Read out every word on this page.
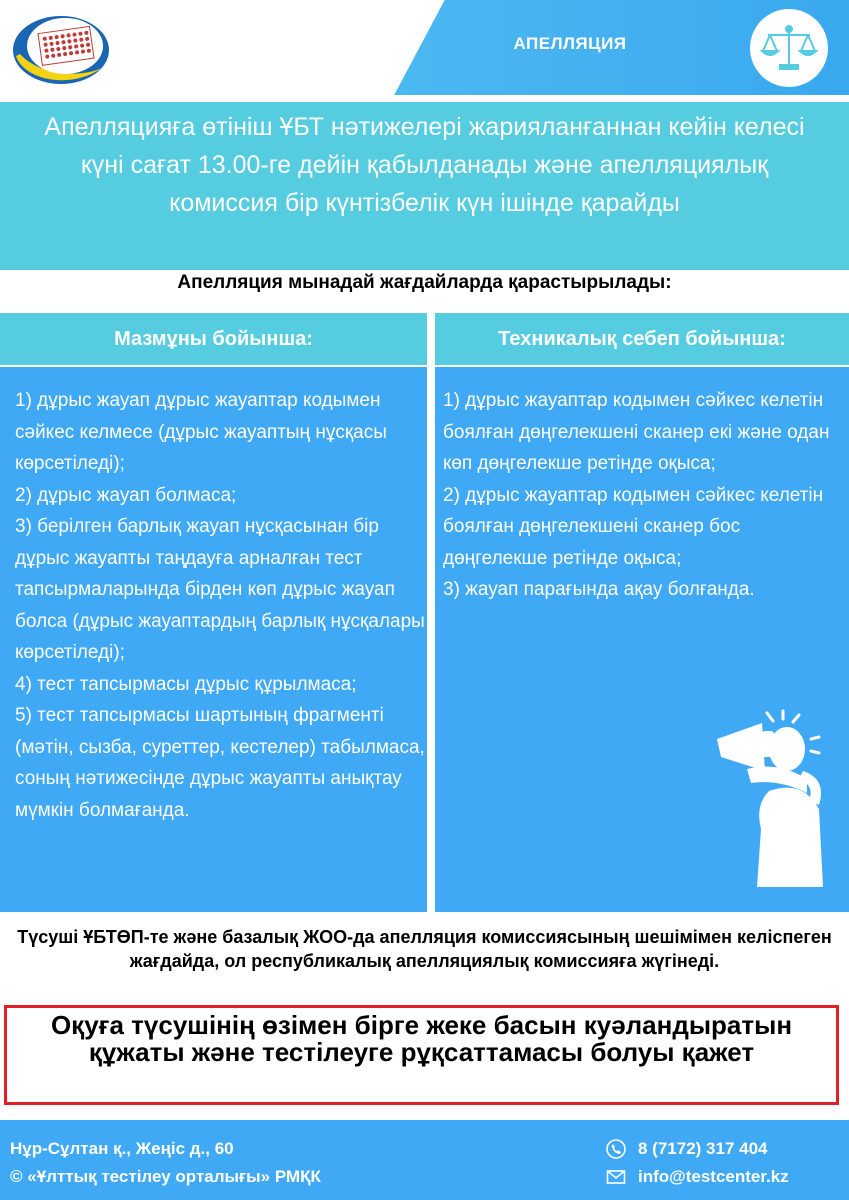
АПЕЛЛЯЦИЯ
Апелляцияға өтініш ҰБТ нәтижелері жарияланғаннан кейін келесі күні сағат 13.00-ге дейін қабылданады және апелляциялық комиссия бір күнтізбелік күн ішінде қарайды
Апелляция мынадай жағдайларда қарастырылады:
Мазмұны бойынша:	Техникалық себеп бойынша:
1) дұрыс жауап дұрыс жауаптар кодымен сәйкес келмесе (дұрыс жауаптың нұсқасы көрсетіледі);
2) дұрыс жауап болмаса;
3) берілген барлық жауап нұсқасынан бір дұрыс жауапты таңдауға арналған тест тапсырмаларында бірден көп дұрыс жауап болса (дұрыс жауаптардың барлық нұсқалары көрсетіледі);
4) тест тапсырмасы дұрыс құрылмаса;
5) тест тапсырмасы шартының фрагменті (мәтін, сызба, суреттер, кестелер) табылмаса, соның нәтижесінде дұрыс жауапты анықтау мүмкін болмағанда.
1) дұрыс жауаптар кодымен сәйкес келетін боялған дөңгелекшені сканер екі және одан көп дөңгелекше ретінде оқыса;
2) дұрыс жауаптар кодымен сәйкес келетін боялған дөңгелекшені сканер бос дөңгелекше ретінде оқыса;
3) жауап парағында ақау болғанда.
Түсуші ҰБТӨП-те және базалық ЖОО-да апелляция комиссиясының шешімімен келіспеген жағдайда, ол республикалық апелляциялық комиссияға жүгінеді.
Оқуға түсушінің өзімен бірге жеке басын куәландыратын құжаты және тестілеуге рұқсаттамасы болуы қажет
Нұр-Сұлтан қ., Жеңіс д., 60
© «Ұлттық тестілеу орталығы» РМҚК
8 (7172) 317 404
info@testcenter.kz
